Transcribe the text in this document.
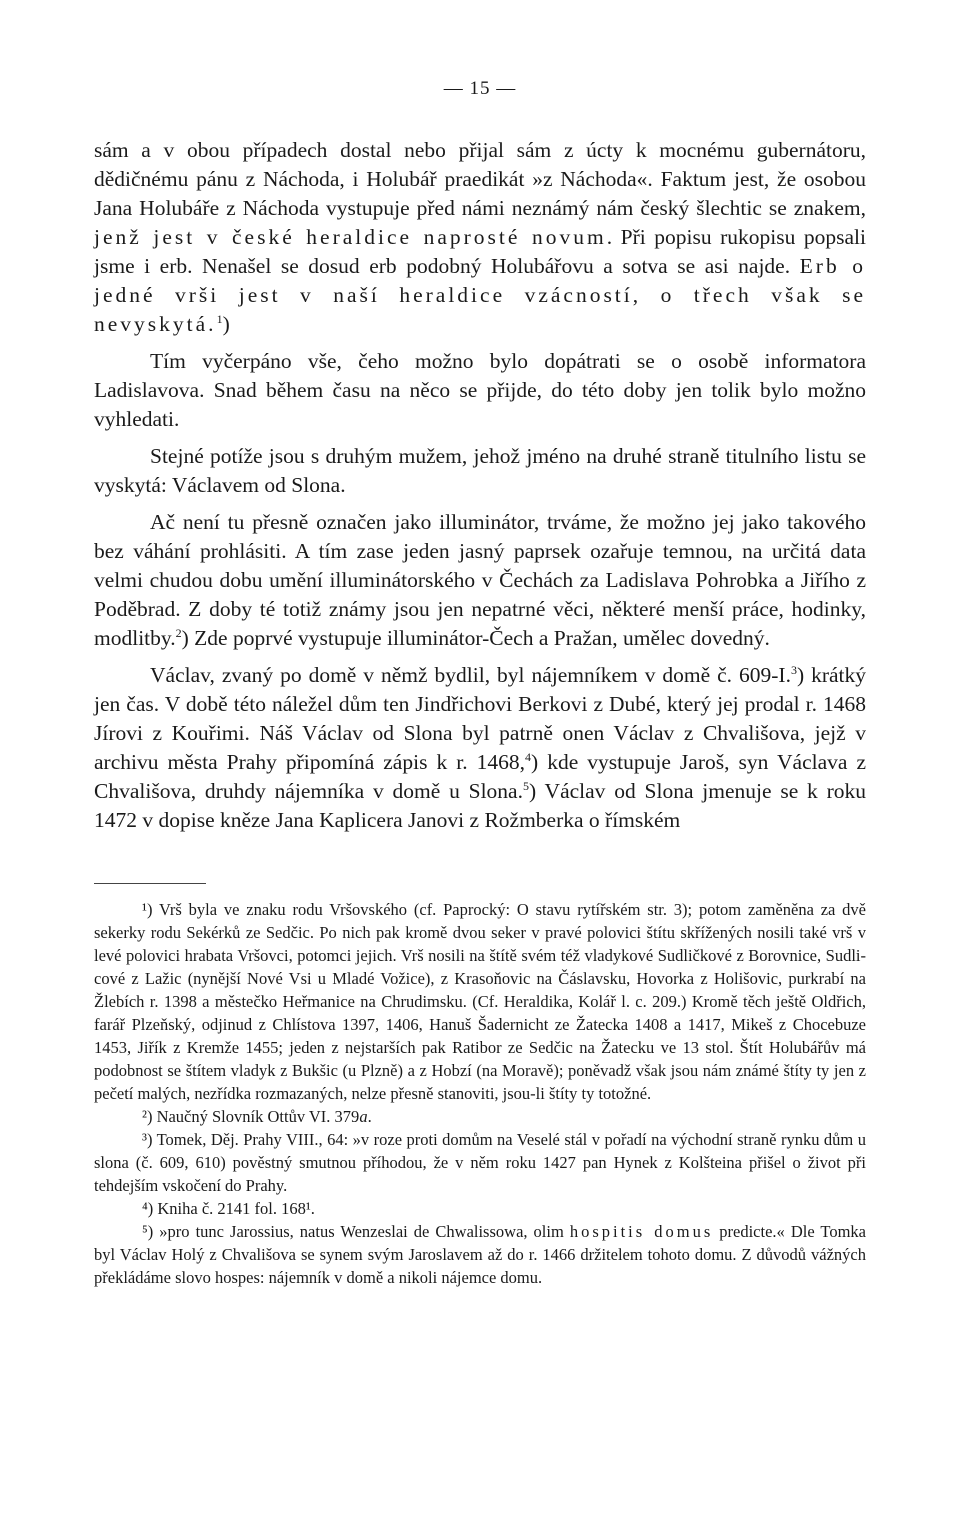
— 15 —

sám a v obou případech dostal nebo přijal sám z úcty k mocnému gubernátoru, dědičnému pánu z Náchoda, i Holubář praedikát »z Náchoda«. Faktum jest, že osobou Jana Holubáře z Náchoda vystupuje před námi neznámý nám český šlechtic se znakem, jenž jest v české heraldice naprosté novum. Při popisu rukopisu popsali jsme i erb. Nenašel se dosud erb podobný Holubářovu a sotva se asi najde. Erb o jedné vrši jest v naší heraldice vzácností, o třech však se nevyskytá.$^1$)

Tím vyčerpáno vše, čeho možno bylo dopátrati se o osobě informatora Ladislavova. Snad během času na něco se přijde, do této doby jen tolik bylo možno vyhledati.

Stejné potíže jsou s druhým mužem, jehož jméno na druhé straně titulního listu se vyskytá: Václavem od Slona.

Ač není tu přesně označen jako illuminátor, trváme, že možno jej jako takového bez váhání prohlásiti. A tím zase jeden jasný paprsek ozařuje temnou, na určitá data velmi chudou dobu umění illuminátorského v Čechách za Ladislava Pohrobka a Jiřího z Poděbrad. Z doby té totiž známy jsou jen nepatrné věci, některé menší práce, hodinky, modlitby.$^2$) Zde poprvé vystupuje illuminátor-Čech a Pražan, umělec dovedný.

Václav, zvaný po domě v němž bydlil, byl nájemníkem v domě č. 609-I.$^3$) krátký jen čas. V době této náležel dům ten Jindřichovi Berkovi z Dubé, který jej prodal r. 1468 Jírovi z Kouřimi. Náš Václav od Slona byl patrně onen Václav z Chvališova, jejž v archivu města Prahy připomíná zápis k r. 1468,$^4$) kde vystupuje Jaroš, syn Václava z Chvališova, druhdy nájemníka v domě u Slona.$^5$) Václav od Slona jmenuje se k roku 1472 v dopise kněze Jana Kaplicera Janovi z Rožmberka o římském

¹) Vrš byla ve znaku rodu Vršovského (cf. Paprocký: O stavu rytířském str. 3); potom zaměněna za dvě sekerky rodu Sekérků ze Sedčic. Po nich pak kromě dvou seker v pravé polovici štítu skřížených nosili také vrš v levé polovici hrabata Vršovci, potomci jejich. Vrš nosili na štítě svém též vladykové Sudličkové z Borovnice, Sudlicové z Lažic (nynější Nové Vsi u Mladé Vožice), z Krasoňovic na Čáslavsku, Hovorka z Holišovic, purkrabí na Žlebích r. 1398 a městečko Heřmanice na Chrudimsku. (Cf. Heraldika, Kolář l. c. 209.) Kromě těch ještě Oldřich, farář Plzeňský, odjinud z Chlístova 1397, 1406, Hanuš Šadernicht ze Žatecka 1408 a 1417, Mikeš z Chocebuze 1453, Jiřík z Kremže 1455; jeden z nejstarších pak Ratibor ze Sedčic na Žatecku ve 13 stol. Štít Holubářův má podobnost se štítem vladyk z Bukšic (u Plzně) a z Hobzí (na Moravě); poněvadž však jsou nám známé štíty ty jen z pečetí malých, nezřídka rozmazaných, nelze přesně stanoviti, jsou-li štíty ty totožné.

²) Naučný Slovník Ottův VI. 379a.

³) Tomek, Děj. Prahy VIII., 64: »v roze proti domům na Veselé stál v pořadí na východní straně rynku dům u slona (č. 609, 610) pověstný smutnou příhodou, že v něm roku 1427 pan Hynek z Kolšteina přišel o život při tehdejším vskočení do Prahy.

⁴) Kniha č. 2141 fol. 168¹.

⁵) »pro tunc Jarossius, natus Wenzeslai de Chwalissowa, olim hospitis domus predicte.« Dle Tomka byl Václav Holý z Chvališova se synem svým Jaroslavem až do r. 1466 držitelem tohoto domu. Z důvodů vážných překládáme slovo hospes: nájemník v domě a nikoli nájemce domu.
